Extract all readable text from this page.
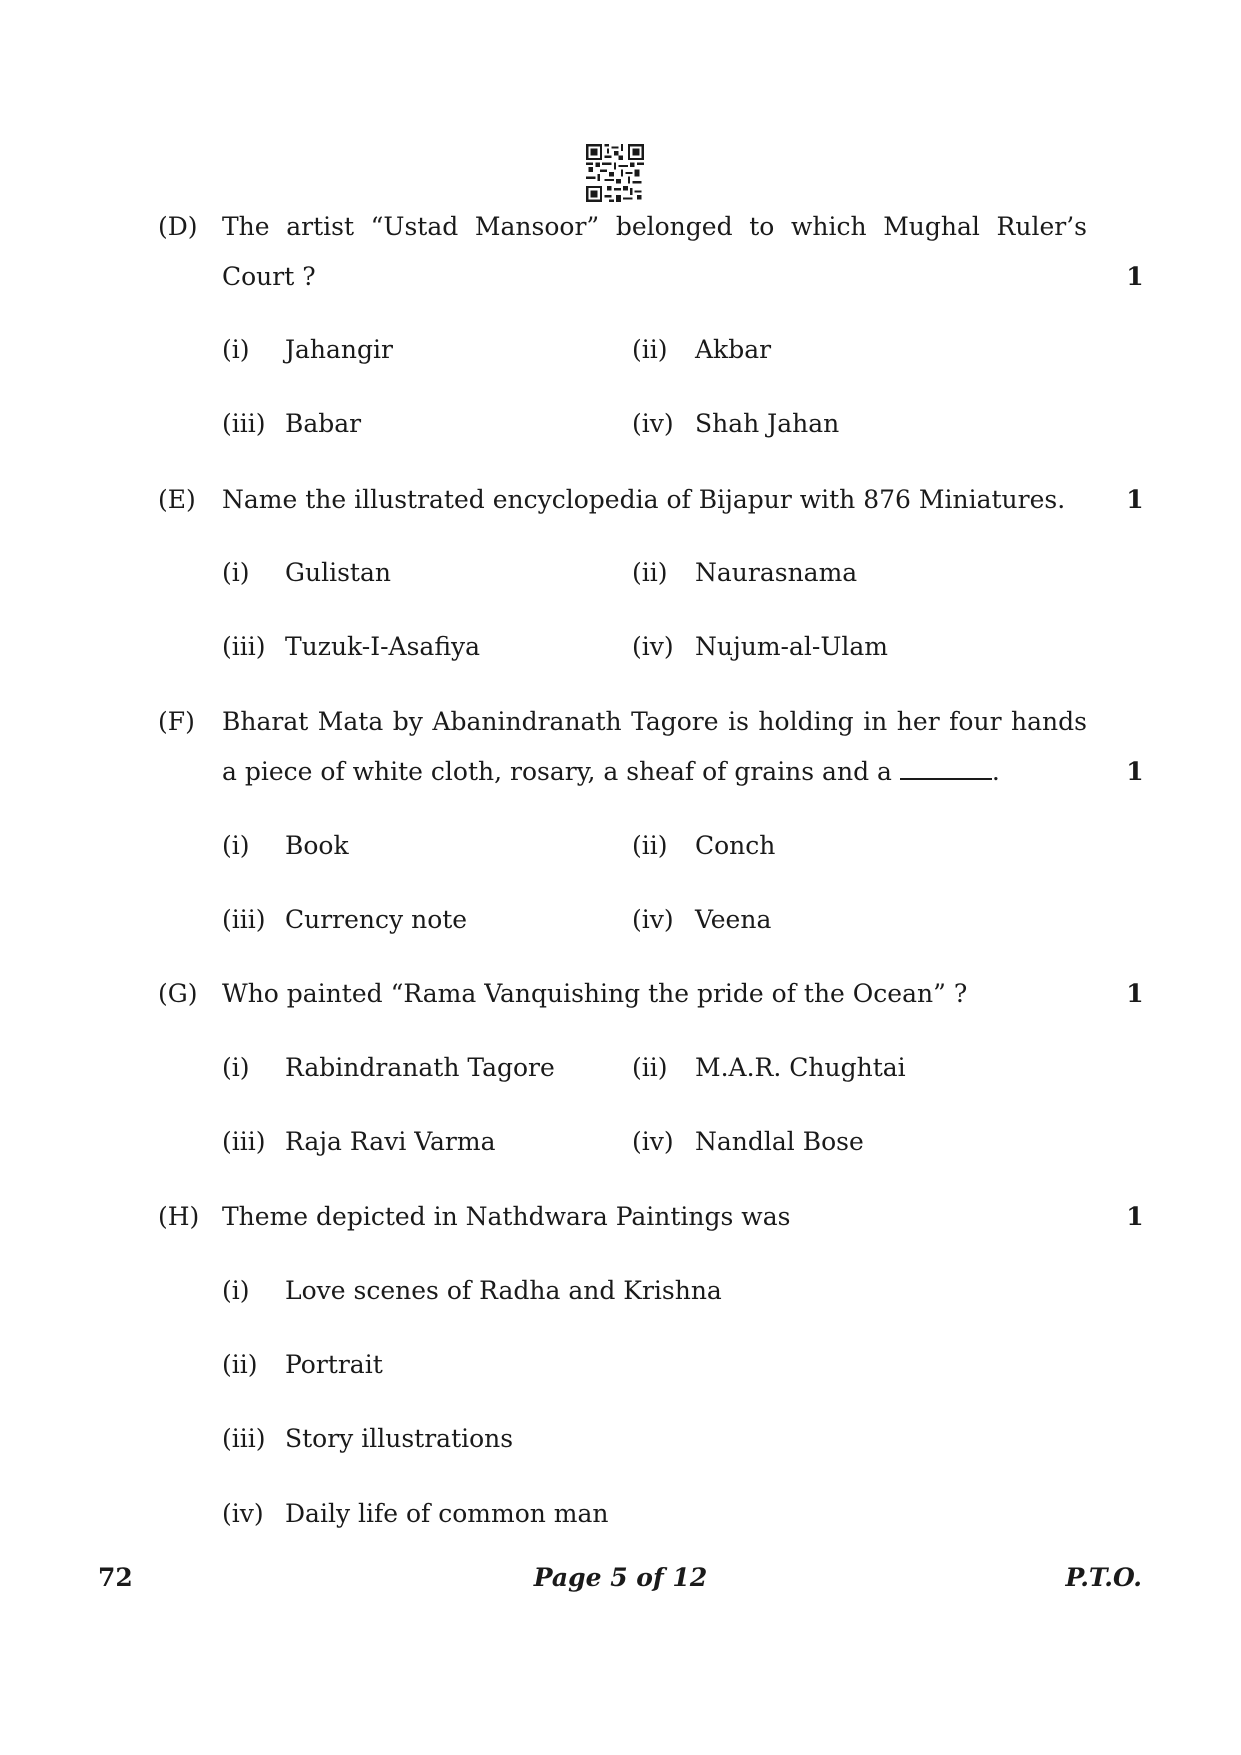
(D) The artist “Ustad Mansoor” belonged to which Mughal Ruler’s
Court ?	1
(i) Jahangir	(ii) Akbar
(iii) Babar	(iv) Shah Jahan
(E) Name the illustrated encyclopedia of Bijapur with 876 Miniatures.	1
(i) Gulistan	(ii) Naurasnama
(iii) Tuzuk-I-Asafiya	(iv) Nujum-al-Ulam
(F) Bharat Mata by Abanindranath Tagore is holding in her four hands
a piece of white cloth, rosary, a sheaf of grains and a	.	1
(i) Book	(ii) Conch
(iii) Currency note	(iv) Veena
(G) Who painted “Rama Vanquishing the pride of the Ocean” ?	1
(i) Rabindranath Tagore	(ii) M.A.R. Chughtai
(iii) Raja Ravi Varma	(iv) Nandlal Bose
(H) Theme depicted in Nathdwara Paintings was	1
(i) Love scenes of Radha and Krishna
(ii) Portrait
(iii) Story illustrations
(iv) Daily life of common man
72	Page 5 of 12	P.T.O.
